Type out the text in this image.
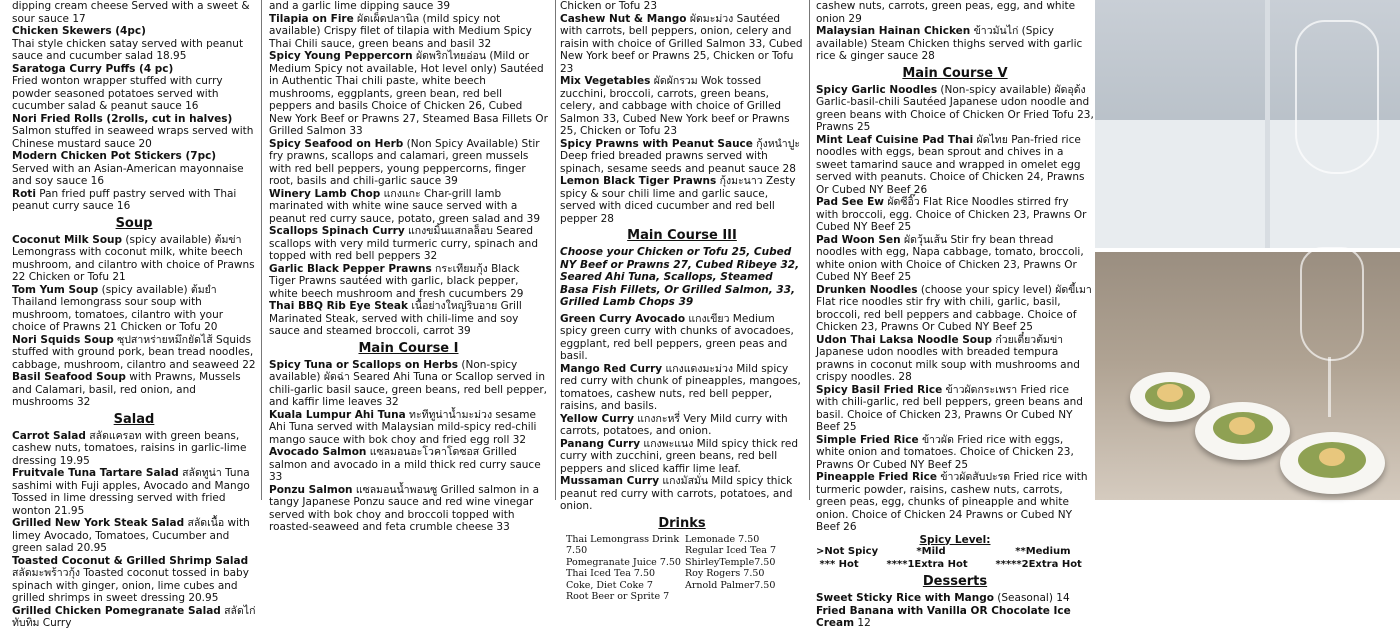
dipping cream cheese Served with a sweet & sour sauce 17

Chicken Skewers (4pc)

Thai style chicken satay served with peanut sauce and cucumber salad 18.95

Saratoga Curry Puffs (4 pc)

Fried wonton wrapper stuffed with curry powder seasoned potatoes served with cucumber salad & peanut sauce 16

Nori Fried Rolls (2rolls, cut in halves) Salmon stuffed in seaweed wraps served with Chinese mustard sauce 20

Modern Chicken Pot Stickers (7pc) Served with an Asian-American mayonnaise and soy sauce 16

Roti Pan fried puff pastry served with Thai peanut curry sauce 16

Soup

Coconut Milk Soup (spicy available) ต้มข่า Lemongrass with coconut milk, white beech mushroom, and cilantro with choice of Prawns 22 Chicken or Tofu 21

Tom Yum Soup (spicy available) ต้มยำ Thailand lemongrass sour soup with mushroom, tomatoes, cilantro with your choice of Prawns 21 Chicken or Tofu 20

Nori Squids Soup ซุปสาหร่ายหมึกยัดไส้ Squids stuffed with ground pork, bean tread noodles, cabbage, mushroom, cilantro and seaweed 22

Basil Seafood Soup with Prawns, Mussels and Calamari, basil, red onion, and mushrooms 32

Salad

Carrot Salad สลัดแครอท with green beans, cashew nuts, tomatoes, raisins in garlic-lime dressing 19.95

Fruitvale Tuna Tartare Salad สลัดทูน่า Tuna sashimi with Fuji apples, Avocado and Mango Tossed in lime dressing served with fried wonton 21.95

Grilled New York Steak Salad สลัดเนื้อ with limey Avocado, Tomatoes, Cucumber and green salad 20.95

Toasted Coconut & Grilled Shrimp Salad สลัดมะพร้าวกุ้ง Toasted coconut tossed in baby spinach with ginger, onion, lime cubes and grilled shrimps in sweet dressing 20.95

Grilled Chicken Pomegranate Salad สลัดไก่ทับทิม Curry

and a garlic lime dipping sauce 39

Tilapia on Fire ผัดเผ็ดปลานิล (mild spicy not available) Crispy filet of tilapia with Medium Spicy Thai Chili sauce, green beans and basil 32

Spicy Young Peppercorn ผัดพริกไทยอ่อน (Mild or Medium Spicy not available, Hot level only) Sautéed in Authentic Thai chili paste, white beech mushrooms, eggplants, green bean, red bell peppers and basils Choice of Chicken 26, Cubed New York Beef or Prawns 27, Steamed Basa Fillets Or Grilled Salmon 33

Spicy Seafood on Herb (Non Spicy Available) Stir fry prawns, scallops and calamari, green mussels with red bell peppers, young peppercorns, finger root, basils and chili-garlic sauce 39

Winery Lamb Chop แกงแกะ Char-grill lamb marinated with white wine sauce served with a peanut red curry sauce, potato, green salad and 39

Scallops Spinach Curry แกงขมิ้นแสกลล็อบ Seared scallops with very mild turmeric curry, spinach and topped with red bell peppers 32

Garlic Black Pepper Prawns กระเทียมกุ้ง Black Tiger Prawns sautéed with garlic, black pepper, white beech mushroom and fresh cucumbers 29

Thai BBQ Rib Eye Steak เนื้อย่างใหญ่ริบอาย Grill Marinated Steak, served with chili-lime and soy sauce and steamed broccoli, carrot 39

Main Course I

Spicy Tuna or Scallops on Herbs (Non-spicy available) ผัดฉ่า Seared Ahi Tuna or Scallop served in chili-garlic basil sauce, green beans, red bell pepper, and kaffir lime leaves 32

Kuala Lumpur Ahi Tuna ทะทีทูน่าน้ำมะม่วง sesame Ahi Tuna served with Malaysian mild-spicy red-chili mango sauce with bok choy and fried egg roll 32

Avocado Salmon แซลมอนอะโวคาโดซอส Grilled salmon and avocado in a mild thick red curry sauce 33

Ponzu Salmon แซลมอนน้ำพอนซู Grilled salmon in a tangy Japanese Ponzu sauce and red wine vinegar served with bok choy and broccoli topped with roasted-seaweed and feta crumble cheese 33

Chicken or Tofu 23

Cashew Nut & Mango ผัดมะม่วง Sautéed with carrots, bell peppers, onion, celery and raisin with choice of Grilled Salmon 33, Cubed New York beef or Prawns 25, Chicken or Tofu 23

Mix Vegetables ผัดผักรวม Wok tossed zucchini, broccoli, carrots, green beans, celery, and cabbage with choice of Grilled Salmon 33, Cubed New York beef or Prawns 25, Chicken or Tofu 23

Spicy Prawns with Peanut Sauce กุ้งหนำปูะ Deep fried breaded prawns served with spinach, sesame seeds and peanut sauce 28

Lemon Black Tiger Prawns กุ้งมะนาว Zesty spicy & sour chili lime and garlic sauce, served with diced cucumber and red bell pepper 28

Main Course III

Choose your Chicken or Tofu 25, Cubed NY Beef or Prawns 27, Cubed Ribeye 32, Seared Ahi Tuna, Scallops, Steamed Basa Fish Fillets, Or Grilled Salmon, 33, Grilled Lamb Chops 39

Green Curry Avocado แกงเขียว Medium spicy green curry with chunks of avocadoes, eggplant, red bell peppers, green peas and basil.

Mango Red Curry แกงแดงมะม่วง Mild spicy red curry with chunk of pineapples, mangoes, tomatoes, cashew nuts, red bell pepper, raisins, and basils.

Yellow Curry แกงกะหรี่ Very Mild curry with carrots, potatoes, and onion.

Panang Curry แกงพะแนง Mild spicy thick red curry with zucchini, green beans, red bell peppers and sliced kaffir lime leaf.

Mussaman Curry แกงมัสมั่น Mild spicy thick peanut red curry with carrots, potatoes, and onion.

Drinks
Thai Lemongrass Drink 7.50
Pomegranate Juice 7.50
Thai Iced Tea 7.50
Coke, Diet Coke 7
Root Beer or Sprite 7
Lemonade 7.50
Regular Iced Tea 7
ShirleyTemple7.50
Roy Rogers 7.50
Arnold Palmer7.50

cashew nuts, carrots, green peas, egg, and white onion 29

Malaysian Hainan Chicken ข้าวมันไก่ (Spicy available) Steam Chicken thighs served with garlic rice & ginger sauce 28

Main Course V

Spicy Garlic Noodles (Non-spicy available) ผัดอุด้ง Garlic-basil-chili Sautéed Japanese udon noodle and green beans with Choice of Chicken Or Fried Tofu 23, Prawns 25

Mint Leaf Cuisine Pad Thai ผัดไทย Pan-fried rice noodles with eggs, bean sprout and chives in a sweet tamarind sauce and wrapped in omelet egg served with peanuts. Choice of Chicken 24, Prawns Or Cubed NY Beef 26

Pad See Ew ผัดซีอิ๊ว Flat Rice Noodles stirred fry with broccoli, egg. Choice of Chicken 23, Prawns Or Cubed NY Beef 25

Pad Woon Sen ผัดวุ้นเส้น Stir fry bean thread noodles with egg, Napa cabbage, tomato, broccoli, white onion with Choice of Chicken 23, Prawns Or Cubed NY Beef 25

Drunken Noodles (choose your spicy level) ผัดขี้เมา Flat rice noodles stir fry with chili, garlic, basil, broccoli, red bell peppers and cabbage. Choice of Chicken 23, Prawns Or Cubed NY Beef 25

Udon Thai Laksa Noodle Soup ก๋วยเตี๋ยวต้มข่า Japanese udon noodles with breaded tempura prawns in coconut milk soup with mushrooms and crispy noodles. 28

Spicy Basil Fried Rice ข้าวผัดกระเพรา Fried rice with chili-garlic, red bell peppers, green beans and basil. Choice of Chicken 23, Prawns Or Cubed NY Beef 25

Simple Fried Rice ข้าวผัด Fried rice with eggs, white onion and tomatoes. Choice of Chicken 23, Prawns Or Cubed NY Beef 25

Pineapple Fried Rice ข้าวผัดสับปะรด Fried rice with turmeric powder, raisins, cashew nuts, carrots, green peas, egg, chunks of pineapple and white onion. Choice of Chicken 24 Prawns or Cubed NY Beef 26

Spicy Level:

>Not Spicy           *Mild                    **Medium

*** Hot        ****1Extra Hot        *****2Extra Hot

Desserts

Sweet Sticky Rice with Mango (Seasonal) 14

Fried Banana with Vanilla OR Chocolate Ice Cream 12
